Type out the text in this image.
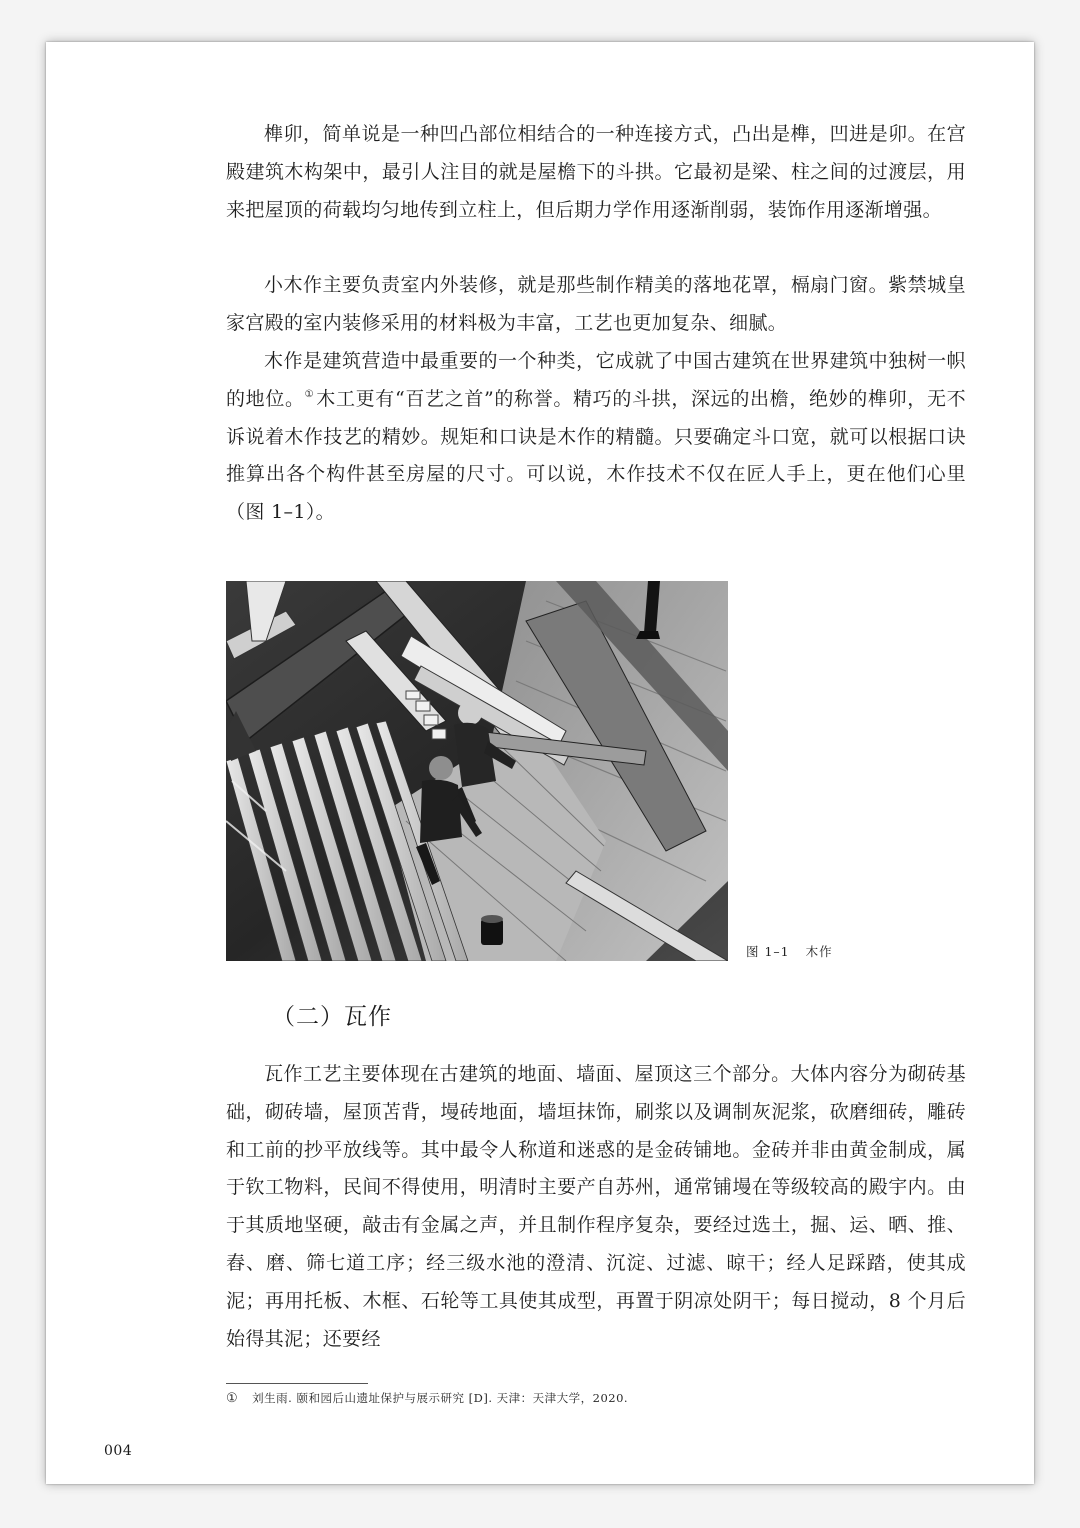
榫卯，简单说是一种凹凸部位相结合的一种连接方式，凸出是榫，凹进是卯。在宫殿建筑木构架中，最引人注目的就是屋檐下的斗拱。它最初是梁、柱之间的过渡层，用来把屋顶的荷载均匀地传到立柱上，但后期力学作用逐渐削弱，装饰作用逐渐增强。

小木作主要负责室内外装修，就是那些制作精美的落地花罩，槅扇门窗。紫禁城皇家宫殿的室内装修采用的材料极为丰富，工艺也更加复杂、细腻。

木作是建筑营造中最重要的一个种类，它成就了中国古建筑在世界建筑中独树一帜的地位。① 木工更有“百艺之首”的称誉。精巧的斗拱，深远的出檐，绝妙的榫卯，无不诉说着木作技艺的精妙。规矩和口诀是木作的精髓。只要确定斗口宽，就可以根据口诀推算出各个构件甚至房屋的尺寸。可以说，木作技术不仅在匠人手上，更在他们心里（图 1–1）。

图 1–1 木作
（二）瓦作

瓦作工艺主要体现在古建筑的地面、墙面、屋顶这三个部分。大体内容分为砌砖基础，砌砖墙，屋顶苫背，墁砖地面，墙垣抹饰，刷浆以及调制灰泥浆，砍磨细砖，雕砖和工前的抄平放线等。其中最令人称道和迷惑的是金砖铺地。金砖并非由黄金制成，属于钦工物料，民间不得使用，明清时主要产自苏州，通常铺墁在等级较高的殿宇内。由于其质地坚硬，敲击有金属之声，并且制作程序复杂，要经过选土，掘、运、晒、推、舂、磨、筛七道工序；经三级水池的澄清、沉淀、过滤、晾干；经人足踩踏，使其成泥；再用托板、木框、石轮等工具使其成型，再置于阴凉处阴干；每日搅动，8 个月后始得其泥；还要经

① 刘生雨. 颐和园后山遗址保护与展示研究 [D]. 天津：天津大学，2020.
004
